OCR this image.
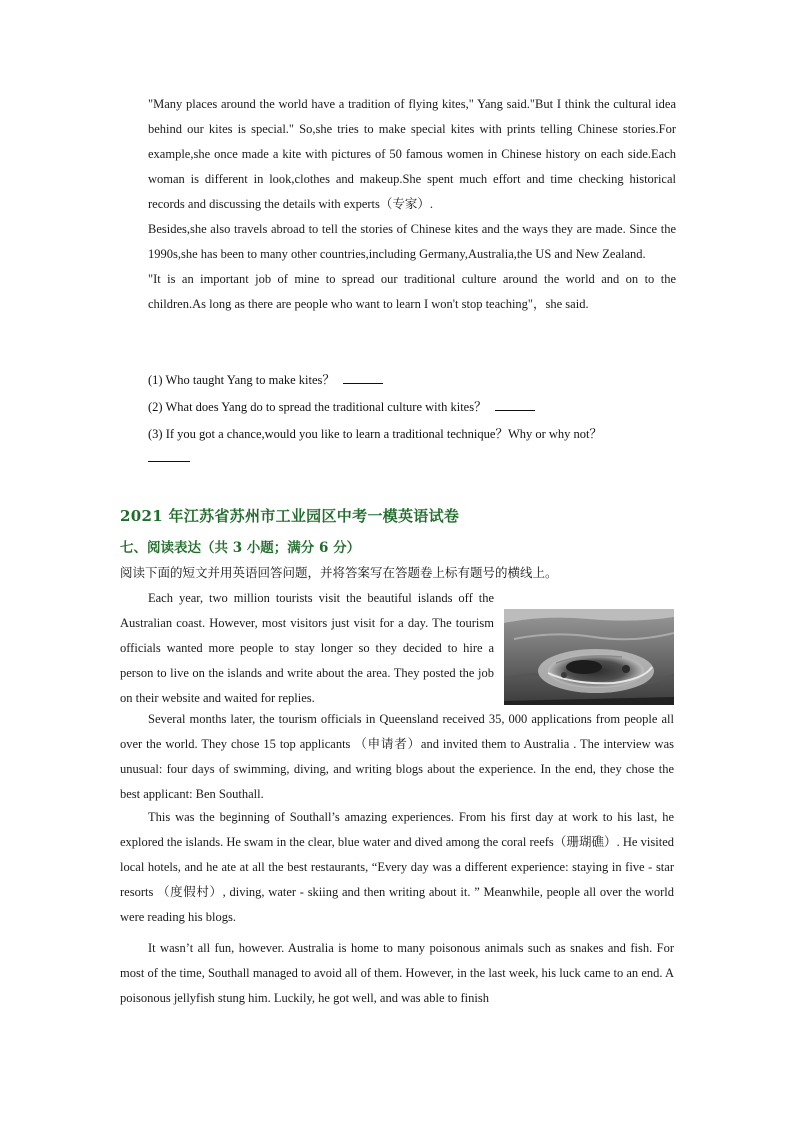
"Many places around the world have a tradition of flying kites," Yang said."But I think the cultural idea behind our kites is special." So,she tries to make special kites with prints telling Chinese stories.For example,she once made a kite with pictures of 50 famous women in Chinese history on each side.Each woman is different in look,clothes and makeup.She spent much effort and time checking historical records and discussing the details with experts（专家）.

Besides,she also travels abroad to tell the stories of Chinese kites and the ways they are made. Since the 1990s,she has been to many other countries,including Germany,Australia,the US and New Zealand.

"It is an important job of mine to spread our traditional culture around the world and on to the children.As long as there are people who want to learn I won't stop teaching"，she said.

(1) Who taught Yang to make kites？
(2) What does Yang do to spread the traditional culture with kites？
(3) If you got a chance,would you like to learn a traditional technique？Why or why not？
2021 年江苏省苏州市工业园区中考一模英语试卷
七、阅读表达（共 3 小题；满分 6 分）
阅读下面的短文并用英语回答问题，并将答案写在答题卷上标有题号的横线上。
Each year, two million tourists visit the beautiful islands off the Australian coast. However, most visitors just visit for a day. The tourism officials wanted more people to stay longer so they decided to hire a person to live on the islands and write about the area. They posted the job on their website and waited for replies.
Several months later, the tourism officials in Queensland received 35, 000 applications from people all over the world. They chose 15 top applicants （申请者）and invited them to Australia . The interview was unusual: four days of swimming, diving, and writing blogs about the experience. In the end, they chose the best applicant: Ben Southall.
This was the beginning of Southall’s amazing experiences. From his first day at work to his last, he explored the islands. He swam in the clear, blue water and dived among the coral reefs（珊瑚礁）. He visited local hotels, and he ate at all the best restaurants, “Every day was a different experience: staying in five - star resorts （度假村）, diving, water - skiing and then writing about it. ” Meanwhile, people all over the world were reading his blogs.
It wasn’t all fun, however. Australia is home to many poisonous animals such as snakes and fish. For most of the time, Southall managed to avoid all of them. However, in the last week, his luck came to an end. A poisonous jellyfish stung him. Luckily, he got well, and was able to finish
